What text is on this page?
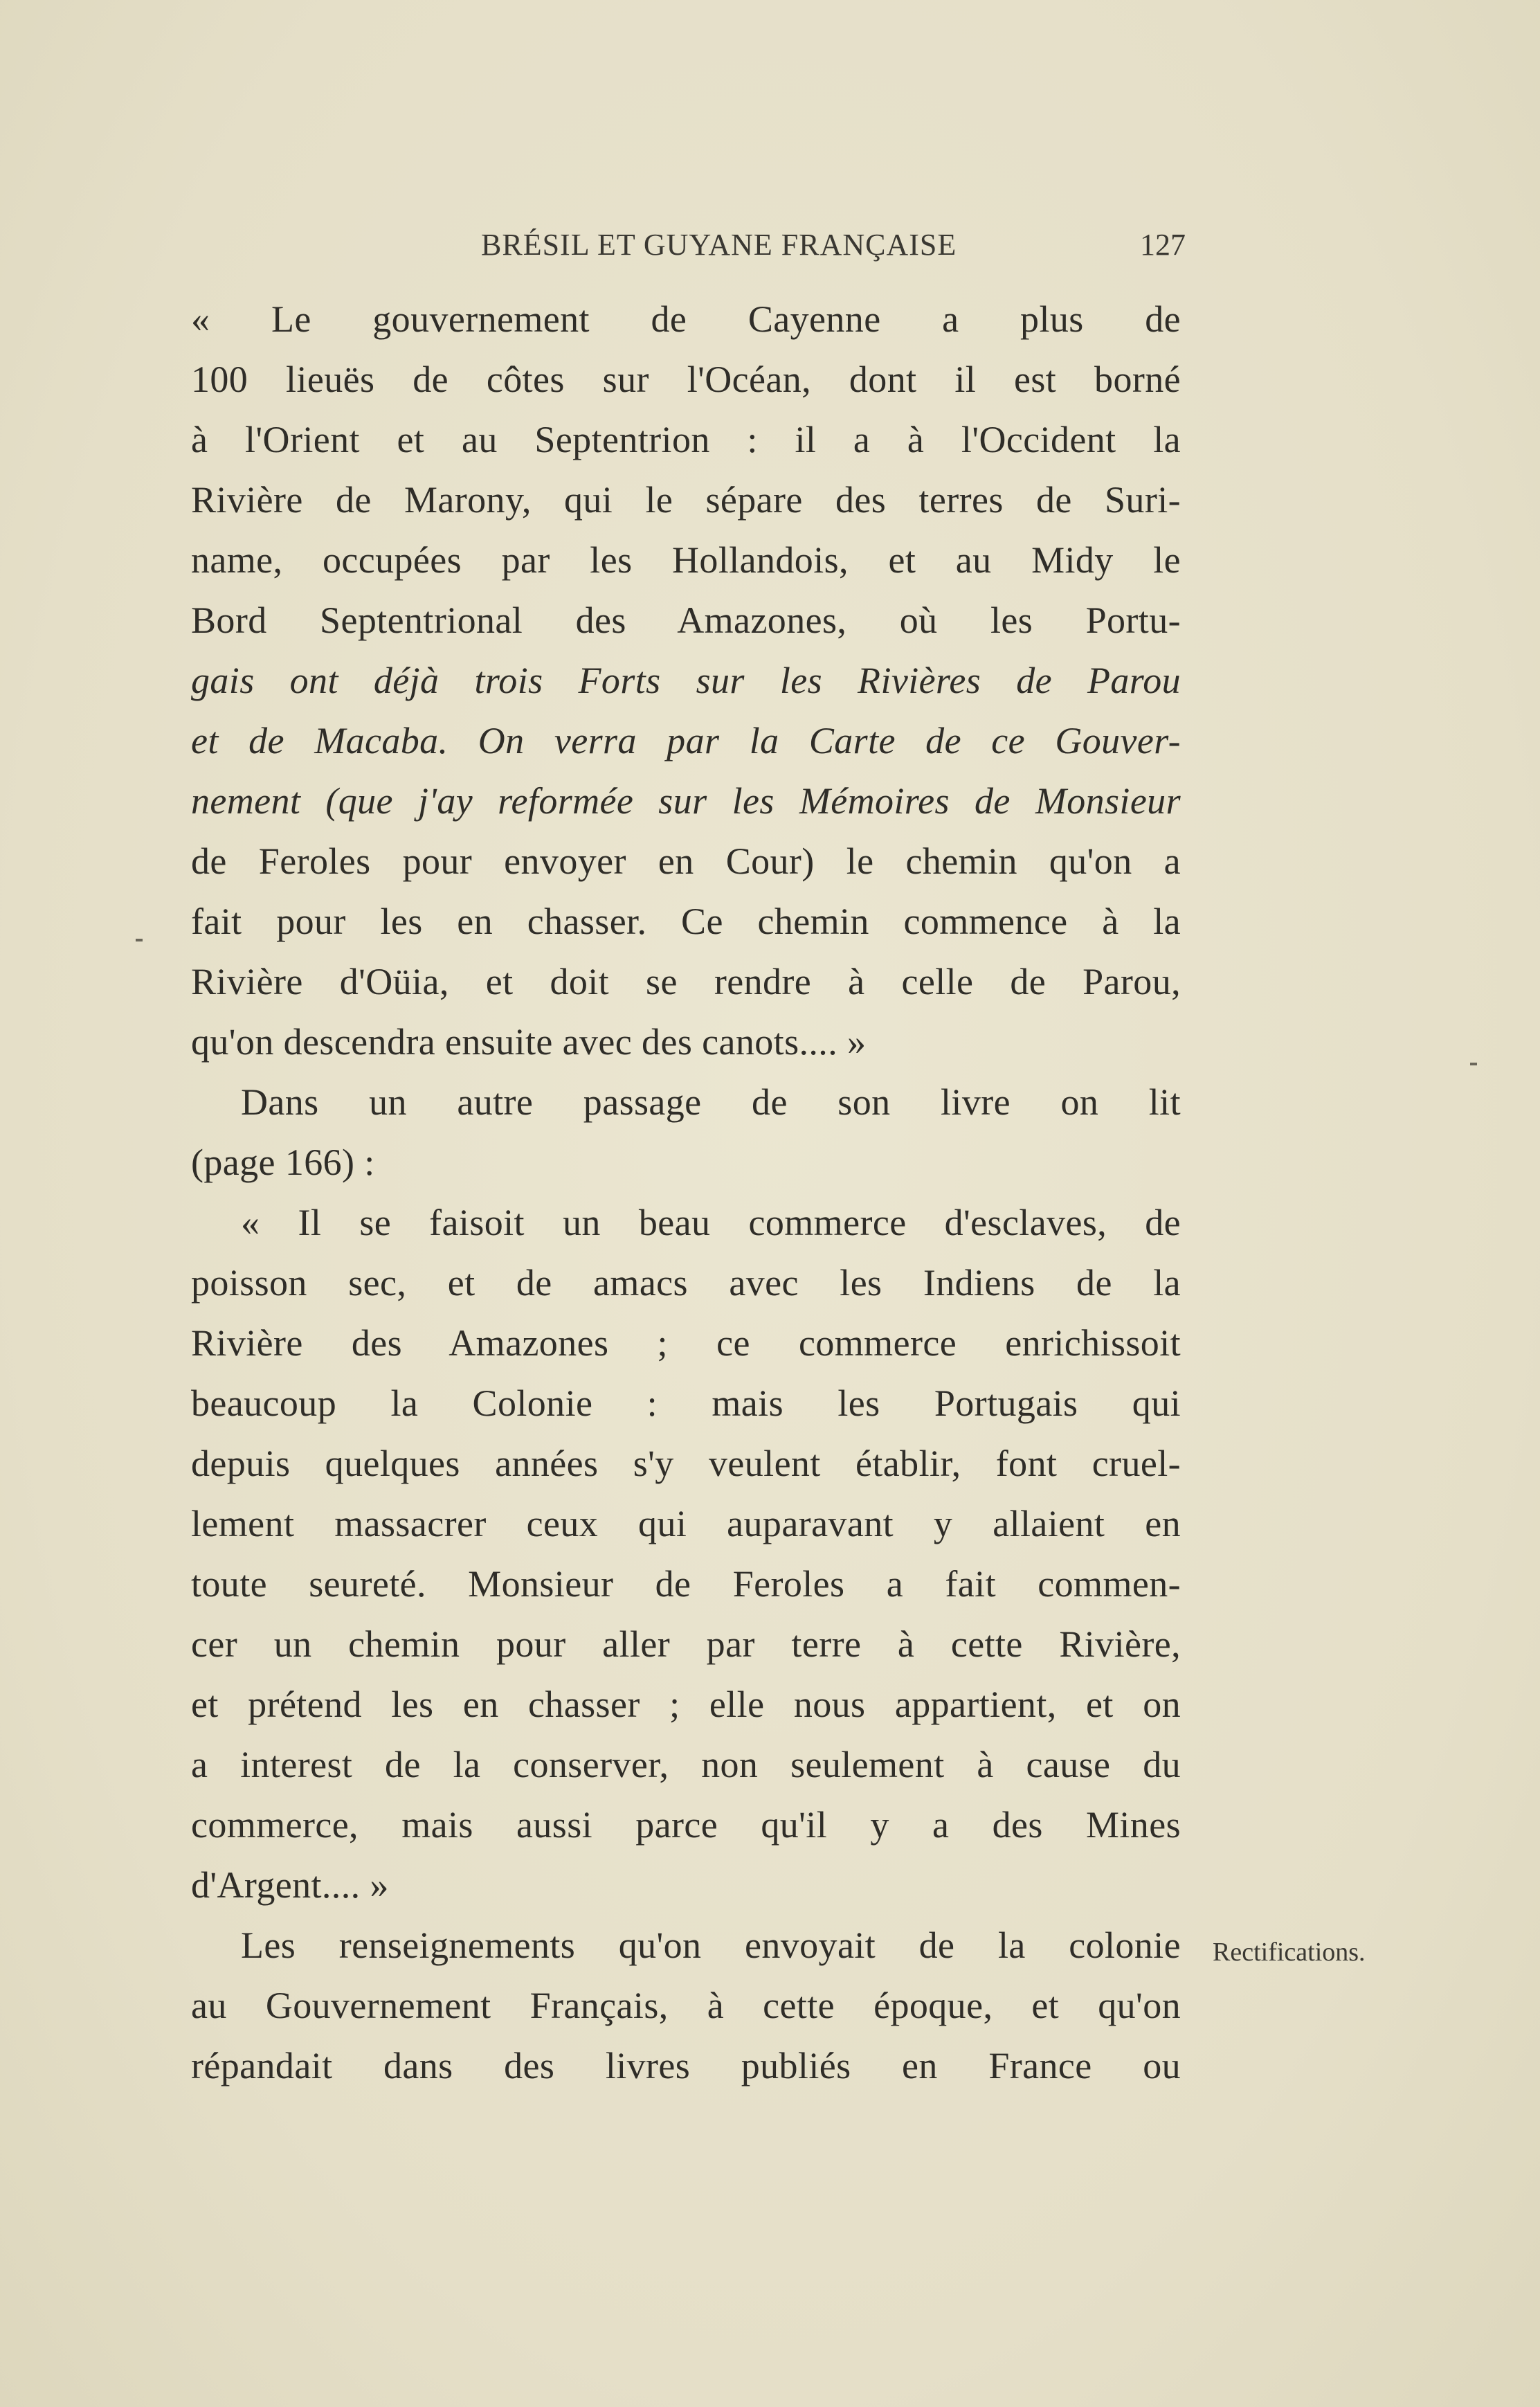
BRÉSIL ET GUYANE FRANÇAISE	127
« Le gouvernement de Cayenne a plus de
100 lieuës de côtes sur l'Océan, dont il est borné
à l'Orient et au Septentrion : il a à l'Occident la
Rivière de Marony, qui le sépare des terres de Suri-
name, occupées par les Hollandois, et au Midy le
Bord Septentrional des Amazones, où les Portu-
gais ont déjà trois Forts sur les Rivières de Parou
et de Macaba. On verra par la Carte de ce Gouver-
nement (que j'ay reformée sur les Mémoires de Monsieur
de Feroles pour envoyer en Cour) le chemin qu'on a
fait pour les en chasser. Ce chemin commence à la
Rivière d'Oüia, et doit se rendre à celle de Parou,
qu'on descendra ensuite avec des canots.... »
Dans un autre passage de son livre on lit
(page 166) :
« Il se faisoit un beau commerce d'esclaves, de
poisson sec, et de amacs avec les Indiens de la
Rivière des Amazones ; ce commerce enrichissoit
beaucoup la Colonie : mais les Portugais qui
depuis quelques années s'y veulent établir, font cruel-
lement massacrer ceux qui auparavant y allaient en
toute seureté. Monsieur de Feroles a fait commen-
cer un chemin pour aller par terre à cette Rivière,
et prétend les en chasser ; elle nous appartient, et on
a interest de la conserver, non seulement à cause du
commerce, mais aussi parce qu'il y a des Mines
d'Argent.... »
Les renseignements qu'on envoyait de la colonie
au Gouvernement Français, à cette époque, et qu'on
répandait dans des livres publiés en France ou
Rectifications.
